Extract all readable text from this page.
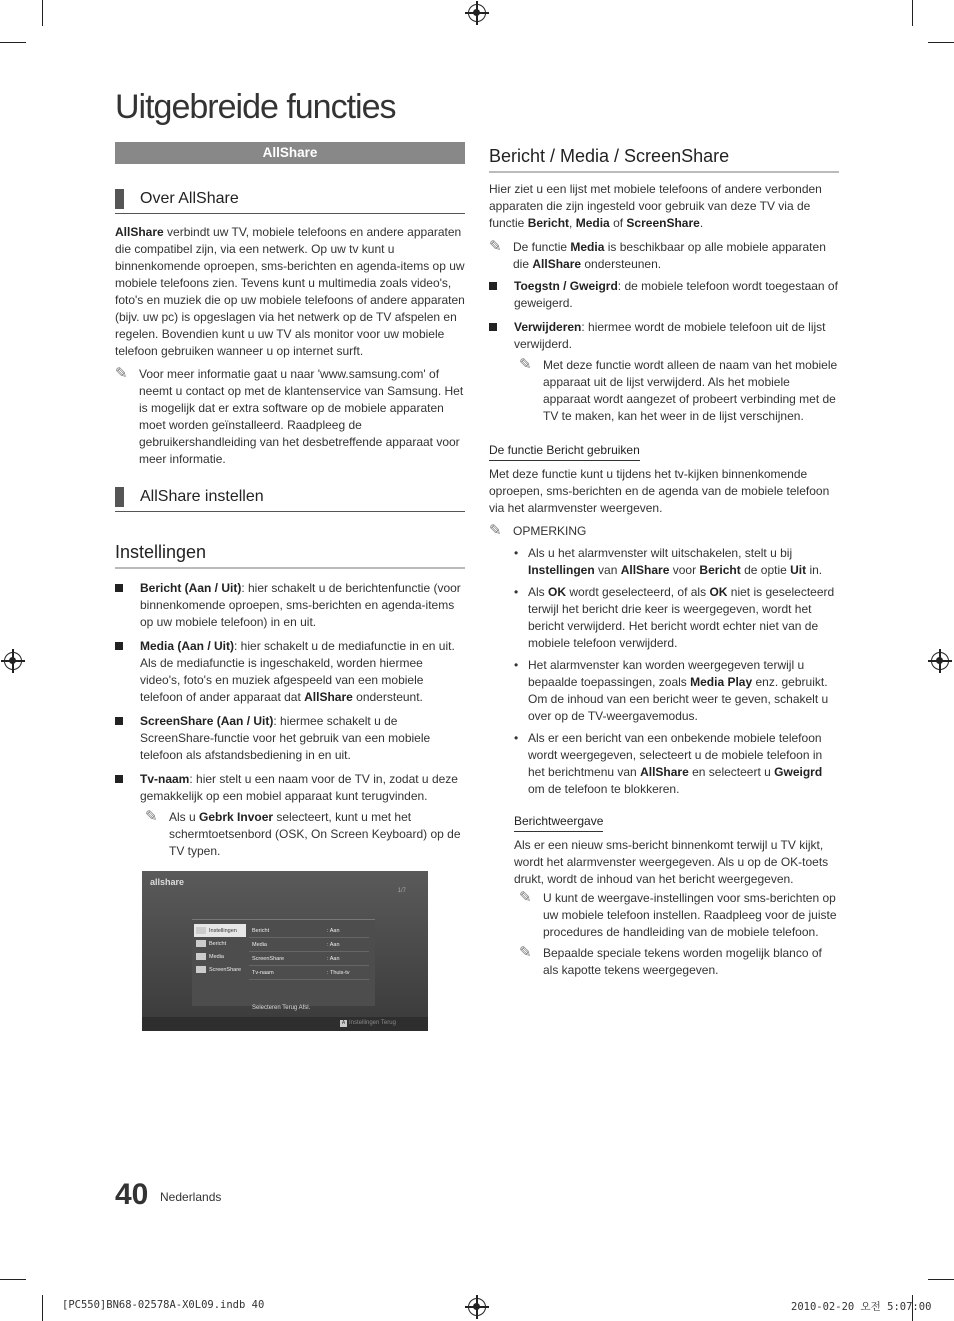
Uitgebreide functies
AllShare
Over AllShare

AllShare verbindt uw TV, mobiele telefoons en andere apparaten die compatibel zijn, via een netwerk. Op uw tv kunt u binnenkomende oproepen, sms-berichten en agenda-items op uw mobiele telefoons zien. Tevens kunt u multimedia zoals video's, foto's en muziek die op uw mobiele telefoons of andere apparaten (bijv. uw pc) is opgeslagen via het netwerk op de TV afspelen en regelen. Bovendien kunt u uw TV als monitor voor uw mobiele telefoon gebruiken wanneer u op internet surft.

✎ Voor meer informatie gaat u naar 'www.samsung.com' of neemt u contact op met de klantenservice van Samsung. Het is mogelijk dat er extra software op de mobiele apparaten moet worden geïnstalleerd. Raadpleeg de gebruikershandleiding van het desbetreffende apparaat voor meer informatie.
AllShare instellen
Instellingen
Bericht (Aan / Uit): hier schakelt u de berichtenfunctie (voor binnenkomende oproepen, sms-berichten en agenda-items op uw mobiele telefoon) in en uit.
Media (Aan / Uit): hier schakelt u de mediafunctie in en uit. Als de mediafunctie is ingeschakeld, worden hiermee video's, foto's en muziek afgespeeld van een mobiele telefoon of ander apparaat dat AllShare ondersteunt.
ScreenShare (Aan / Uit): hiermee schakelt u de ScreenShare-functie voor het gebruik van een mobiele telefoon als afstandsbediening in en uit.
Tv-naam: hier stelt u een naam voor de TV in, zodat u deze gemakkelijk op een mobiel apparaat kunt terugvinden.
✎ Als u Gebrk Invoer selecteert, kunt u met het schermtoetsenbord (OSK, On Screen Keyboard) op de TV typen.
allshare
1/7
Instellingen
Bericht
Media
ScreenShare
Bericht	: Aan
Media	: Aan
ScreenShare	: Aan
Tv-naam	: Thuis-tv
Selecteren Terug Afsl.
A Instellingen Terug
Bericht / Media / ScreenShare

Hier ziet u een lijst met mobiele telefoons of andere verbonden apparaten die zijn ingesteld voor gebruik van deze TV via de functie Bericht, Media of ScreenShare.

✎ De functie Media is beschikbaar op alle mobiele apparaten die AllShare ondersteunen.
Toegstn / Gweigrd: de mobiele telefoon wordt toegestaan of geweigerd.
Verwijderen: hiermee wordt de mobiele telefoon uit de lijst verwijderd.
✎ Met deze functie wordt alleen de naam van het mobiele apparaat uit de lijst verwijderd. Als het mobiele apparaat wordt aangezet of probeert verbinding met de TV te maken, kan het weer in de lijst verschijnen.
De functie Bericht gebruiken

Met deze functie kunt u tijdens het tv-kijken binnenkomende oproepen, sms-berichten en de agenda van de mobiele telefoon via het alarmvenster weergeven.

✎ OPMERKING
• Als u het alarmvenster wilt uitschakelen, stelt u bij Instellingen van AllShare voor Bericht de optie Uit in.
• Als OK wordt geselecteerd, of als OK niet is geselecteerd terwijl het bericht drie keer is weergegeven, wordt het bericht verwijderd. Het bericht wordt echter niet van de mobiele telefoon verwijderd.
• Het alarmvenster kan worden weergegeven terwijl u bepaalde toepassingen, zoals Media Play enz. gebruikt. Om de inhoud van een bericht weer te geven, schakelt u over op de TV-weergavemodus.
• Als er een bericht van een onbekende mobiele telefoon wordt weergegeven, selecteert u de mobiele telefoon in het berichtmenu van AllShare en selecteert u Gweigrd om de telefoon te blokkeren.
Berichtweergave

Als er een nieuw sms-bericht binnenkomt terwijl u TV kijkt, wordt het alarmvenster weergegeven. Als u op de OK-toets drukt, wordt de inhoud van het bericht weergegeven.

✎ U kunt de weergave-instellingen voor sms-berichten op uw mobiele telefoon instellen. Raadpleeg voor de juiste procedures de handleiding van de mobiele telefoon.
✎ Bepaalde speciale tekens worden mogelijk blanco of als kapotte tekens weergegeven.
40 Nederlands
[PC550]BN68-02578A-X0L09.indb 40	2010-02-20 오전 5:07:00
